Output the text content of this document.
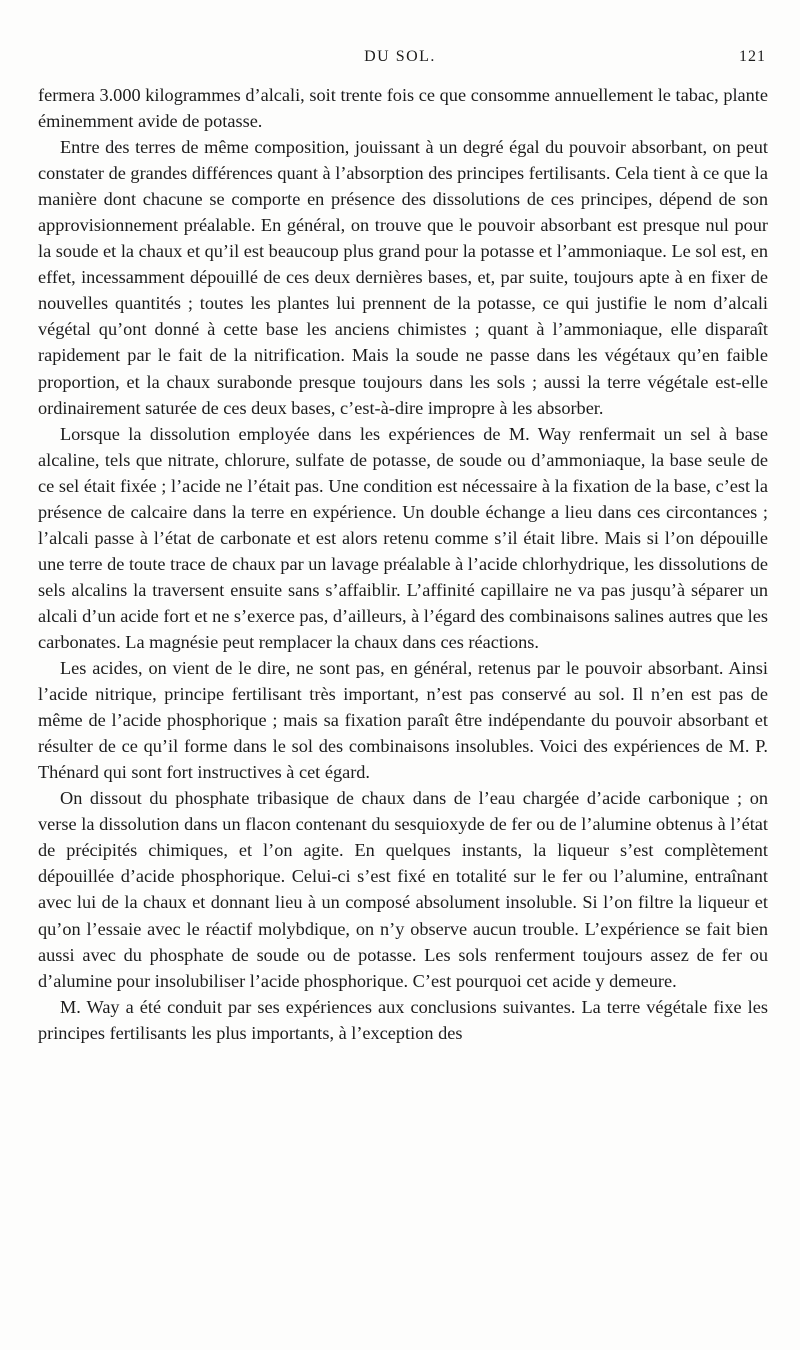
DU SOL.	121

fermera 3.000 kilogrammes d’alcali, soit trente fois ce que consomme annuellement le tabac, plante éminemment avide de potasse.

Entre des terres de même composition, jouissant à un degré égal du pouvoir absorbant, on peut constater de grandes différences quant à l’absorption des principes fertilisants. Cela tient à ce que la manière dont chacune se comporte en présence des dissolutions de ces principes, dépend de son approvisionnement préalable. En général, on trouve que le pouvoir absorbant est presque nul pour la soude et la chaux et qu’il est beaucoup plus grand pour la potasse et l’ammoniaque. Le sol est, en effet, incessamment dépouillé de ces deux dernières bases, et, par suite, toujours apte à en fixer de nouvelles quantités ; toutes les plantes lui prennent de la potasse, ce qui justifie le nom d’alcali végétal qu’ont donné à cette base les anciens chimistes ; quant à l’ammoniaque, elle disparaît rapidement par le fait de la nitrification. Mais la soude ne passe dans les végétaux qu’en faible proportion, et la chaux surabonde presque toujours dans les sols ; aussi la terre végétale est-elle ordinairement saturée de ces deux bases, c’est-à-dire impropre à les absorber.

Lorsque la dissolution employée dans les expériences de M. Way renfermait un sel à base alcaline, tels que nitrate, chlorure, sulfate de potasse, de soude ou d’ammoniaque, la base seule de ce sel était fixée ; l’acide ne l’était pas. Une condition est nécessaire à la fixation de la base, c’est la présence de calcaire dans la terre en expérience. Un double échange a lieu dans ces circontances ; l’alcali passe à l’état de carbonate et est alors retenu comme s’il était libre. Mais si l’on dépouille une terre de toute trace de chaux par un lavage préalable à l’acide chlorhydrique, les dissolutions de sels alcalins la traversent ensuite sans s’affaiblir. L’affinité capillaire ne va pas jusqu’à séparer un alcali d’un acide fort et ne s’exerce pas, d’ailleurs, à l’égard des combinaisons salines autres que les carbonates. La magnésie peut remplacer la chaux dans ces réactions.

Les acides, on vient de le dire, ne sont pas, en général, retenus par le pouvoir absorbant. Ainsi l’acide nitrique, principe fertilisant très important, n’est pas conservé au sol. Il n’en est pas de même de l’acide phosphorique ; mais sa fixation paraît être indépendante du pouvoir absorbant et résulter de ce qu’il forme dans le sol des combinaisons insolubles. Voici des expériences de M. P. Thénard qui sont fort instructives à cet égard.

On dissout du phosphate tribasique de chaux dans de l’eau chargée d’acide carbonique ; on verse la dissolution dans un flacon contenant du sesquioxyde de fer ou de l’alumine obtenus à l’état de précipités chimiques, et l’on agite. En quelques instants, la liqueur s’est complètement dépouillée d’acide phosphorique. Celui-ci s’est fixé en totalité sur le fer ou l’alumine, entraînant avec lui de la chaux et donnant lieu à un composé absolument insoluble. Si l’on filtre la liqueur et qu’on l’essaie avec le réactif molybdique, on n’y observe aucun trouble. L’expérience se fait bien aussi avec du phosphate de soude ou de potasse. Les sols renferment toujours assez de fer ou d’alumine pour insolubiliser l’acide phosphorique. C’est pourquoi cet acide y demeure.

M. Way a été conduit par ses expériences aux conclusions suivantes. La terre végétale fixe les principes fertilisants les plus importants, à l’exception des
